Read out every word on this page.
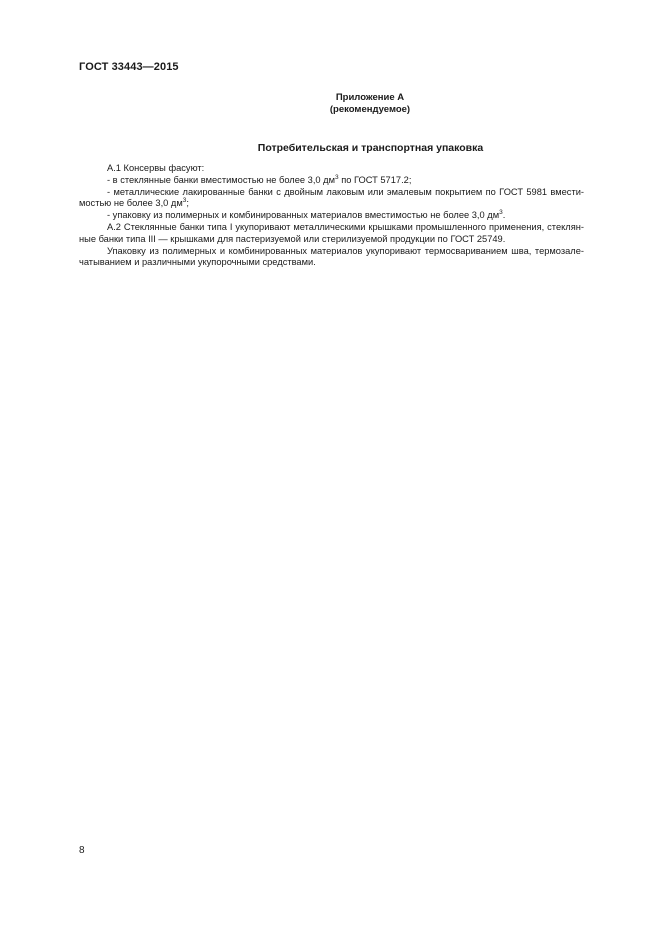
ГОСТ 33443—2015
Приложение А
(рекомендуемое)
Потребительская и транспортная упаковка

А.1 Консервы фасуют:

- в стеклянные банки вместимостью не более 3,0 $дм^3$ по ГОСТ 5717.2;

- металлические лакированные банки с двойным лаковым или эмалевым покрытием по ГОСТ 5981 вмести-мостью не более 3,0 $дм^3$;

- упаковку из полимерных и комбинированных материалов вместимостью не более 3,0 $дм^3$.

А.2 Стеклянные банки типа I укупоривают металлическими крышками промышленного применения, стеклян-ные банки типа III — крышками для пастеризуемой или стерилизуемой продукции по ГОСТ 25749.

Упаковку из полимерных и комбинированных материалов укупоривают термосвариванием шва, термозале-чатыванием и различными укупорочными средствами.

8
